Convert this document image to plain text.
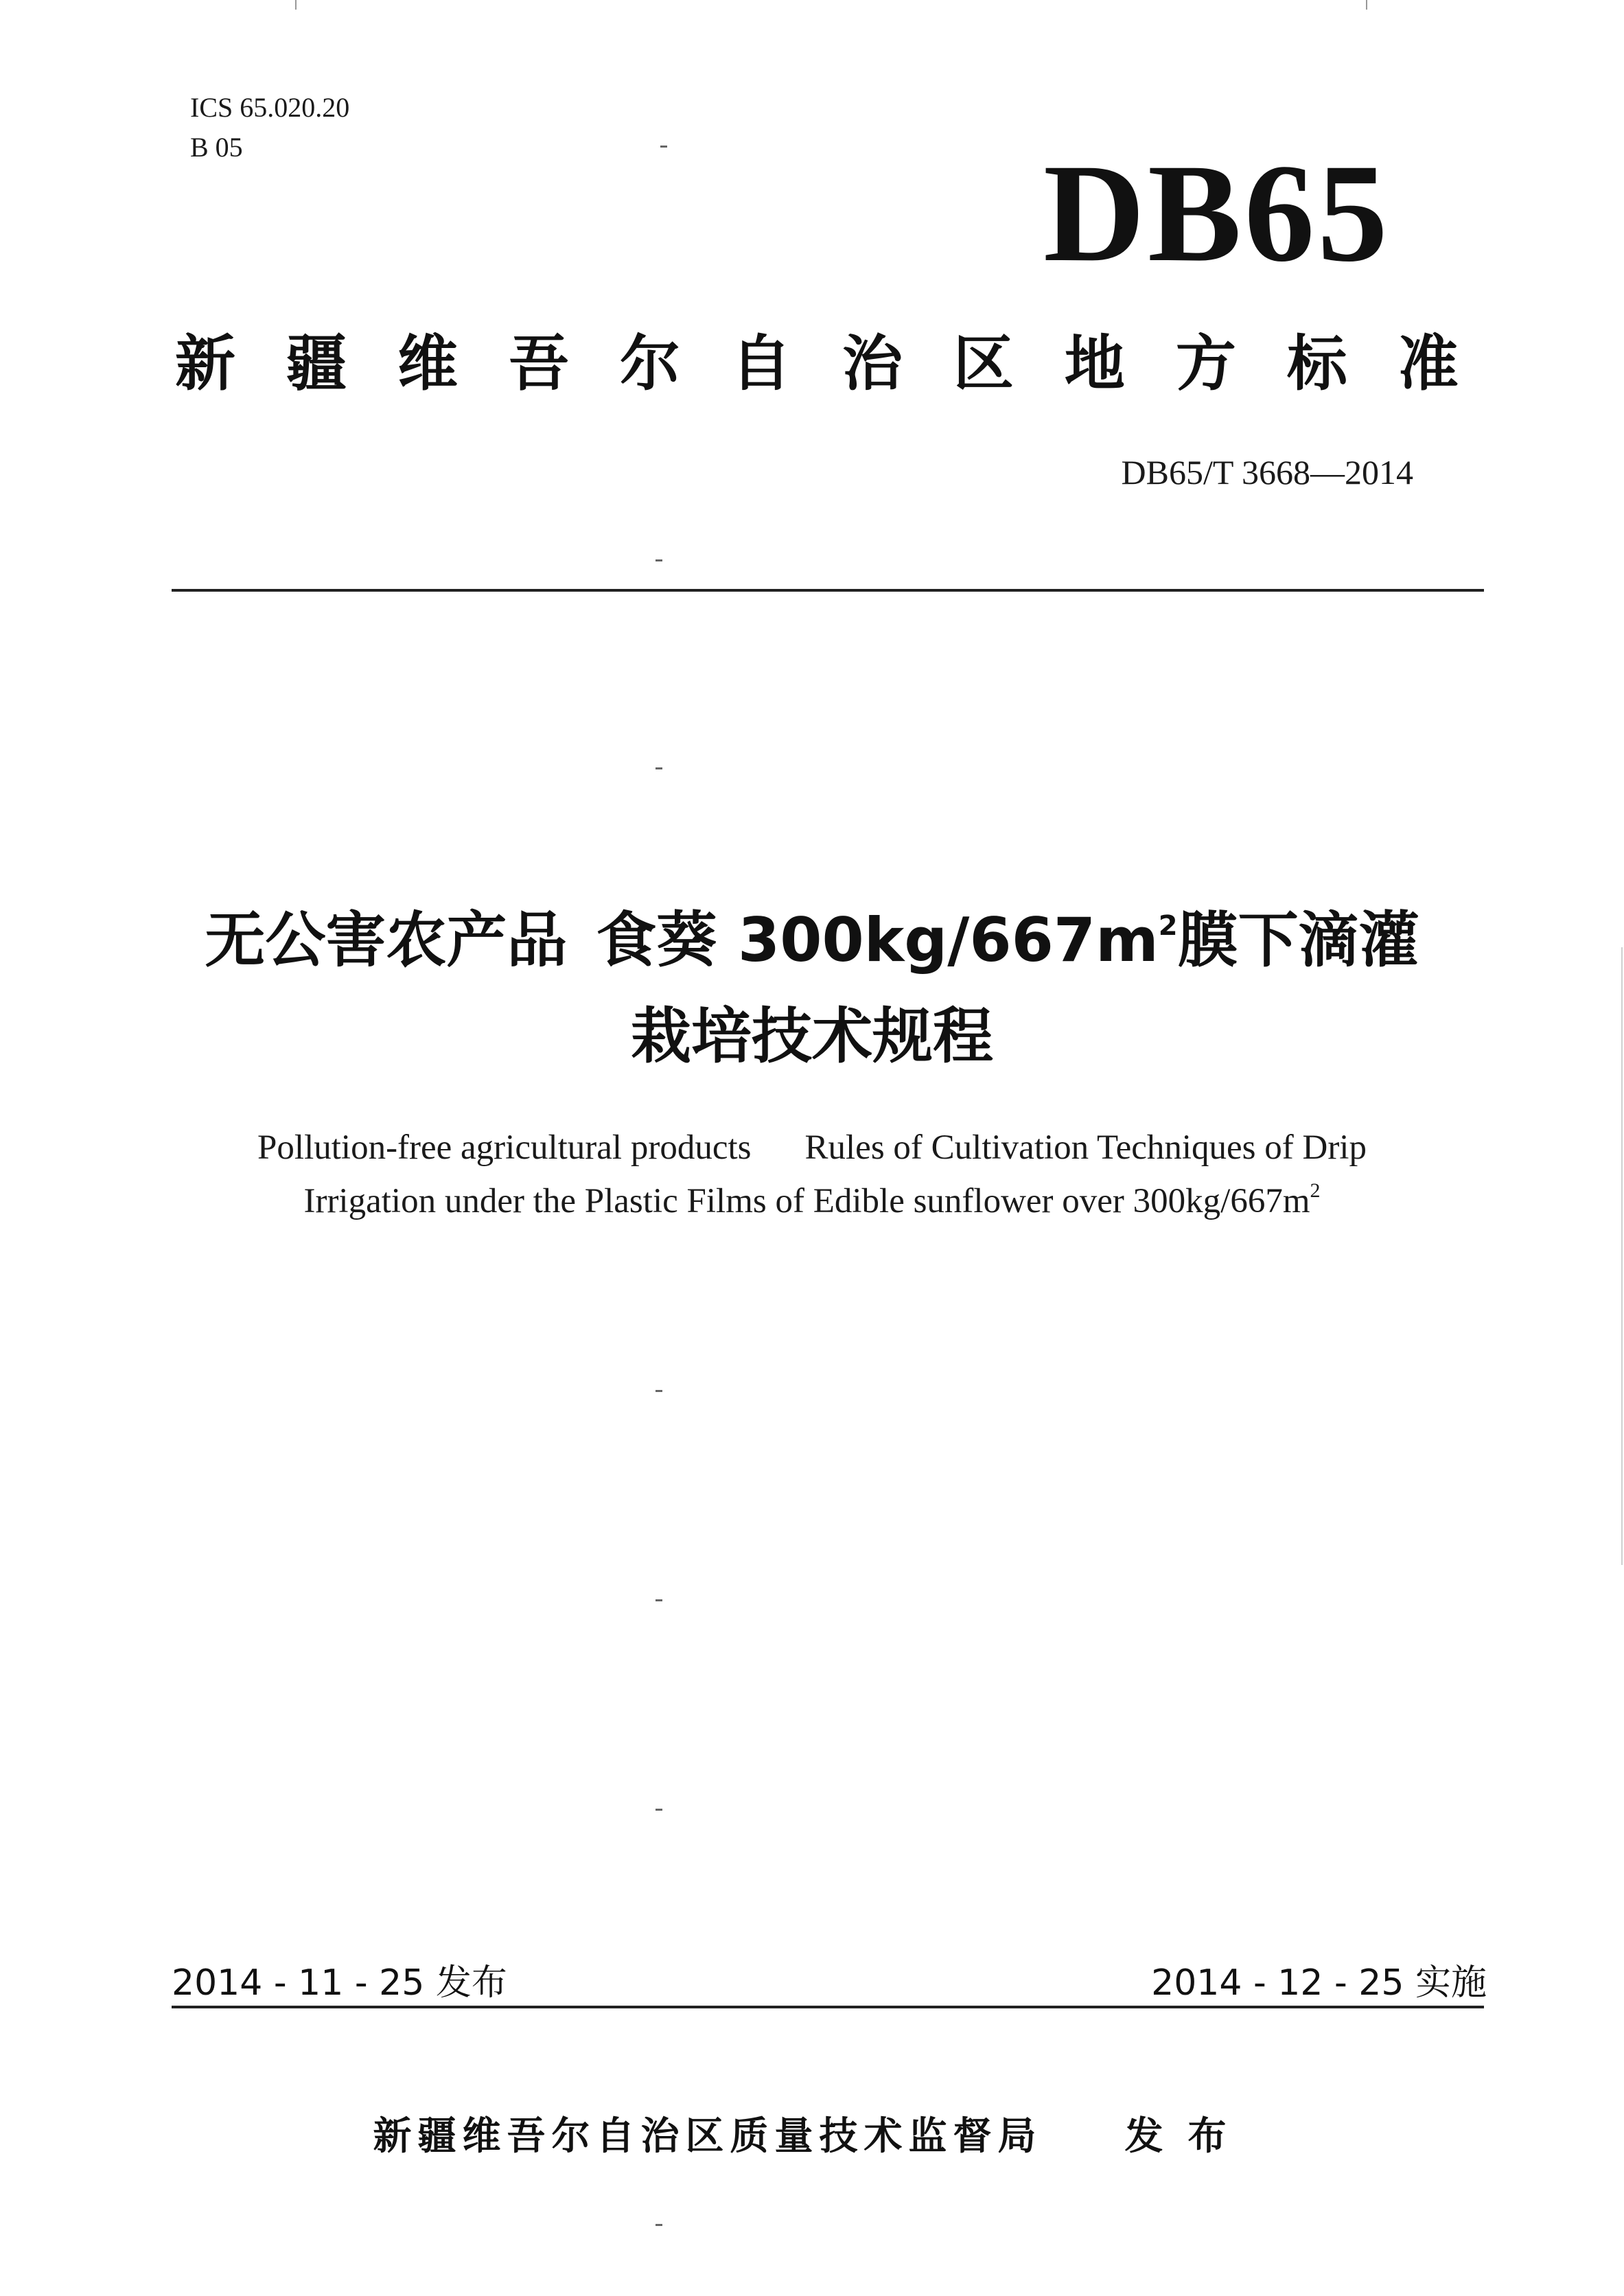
ICS 65.020.20
B 05	DB65
新 疆 维 吾 尔 自 治 区 地 方 标 准
DB65/T 3668—2014
无公害农产品 食葵 $300kg/667m^2$膜下滴灌
栽培技术规程
Pollution-free agricultural products Rules of Cultivation Techniques of Drip
Irrigation under the Plastic Films of Edible sunflower over $300kg/667m^2$
2014 - 11 - 25 发布	2014 - 12 - 25 实施
新疆维吾尔自治区质量技术监督局 发布
